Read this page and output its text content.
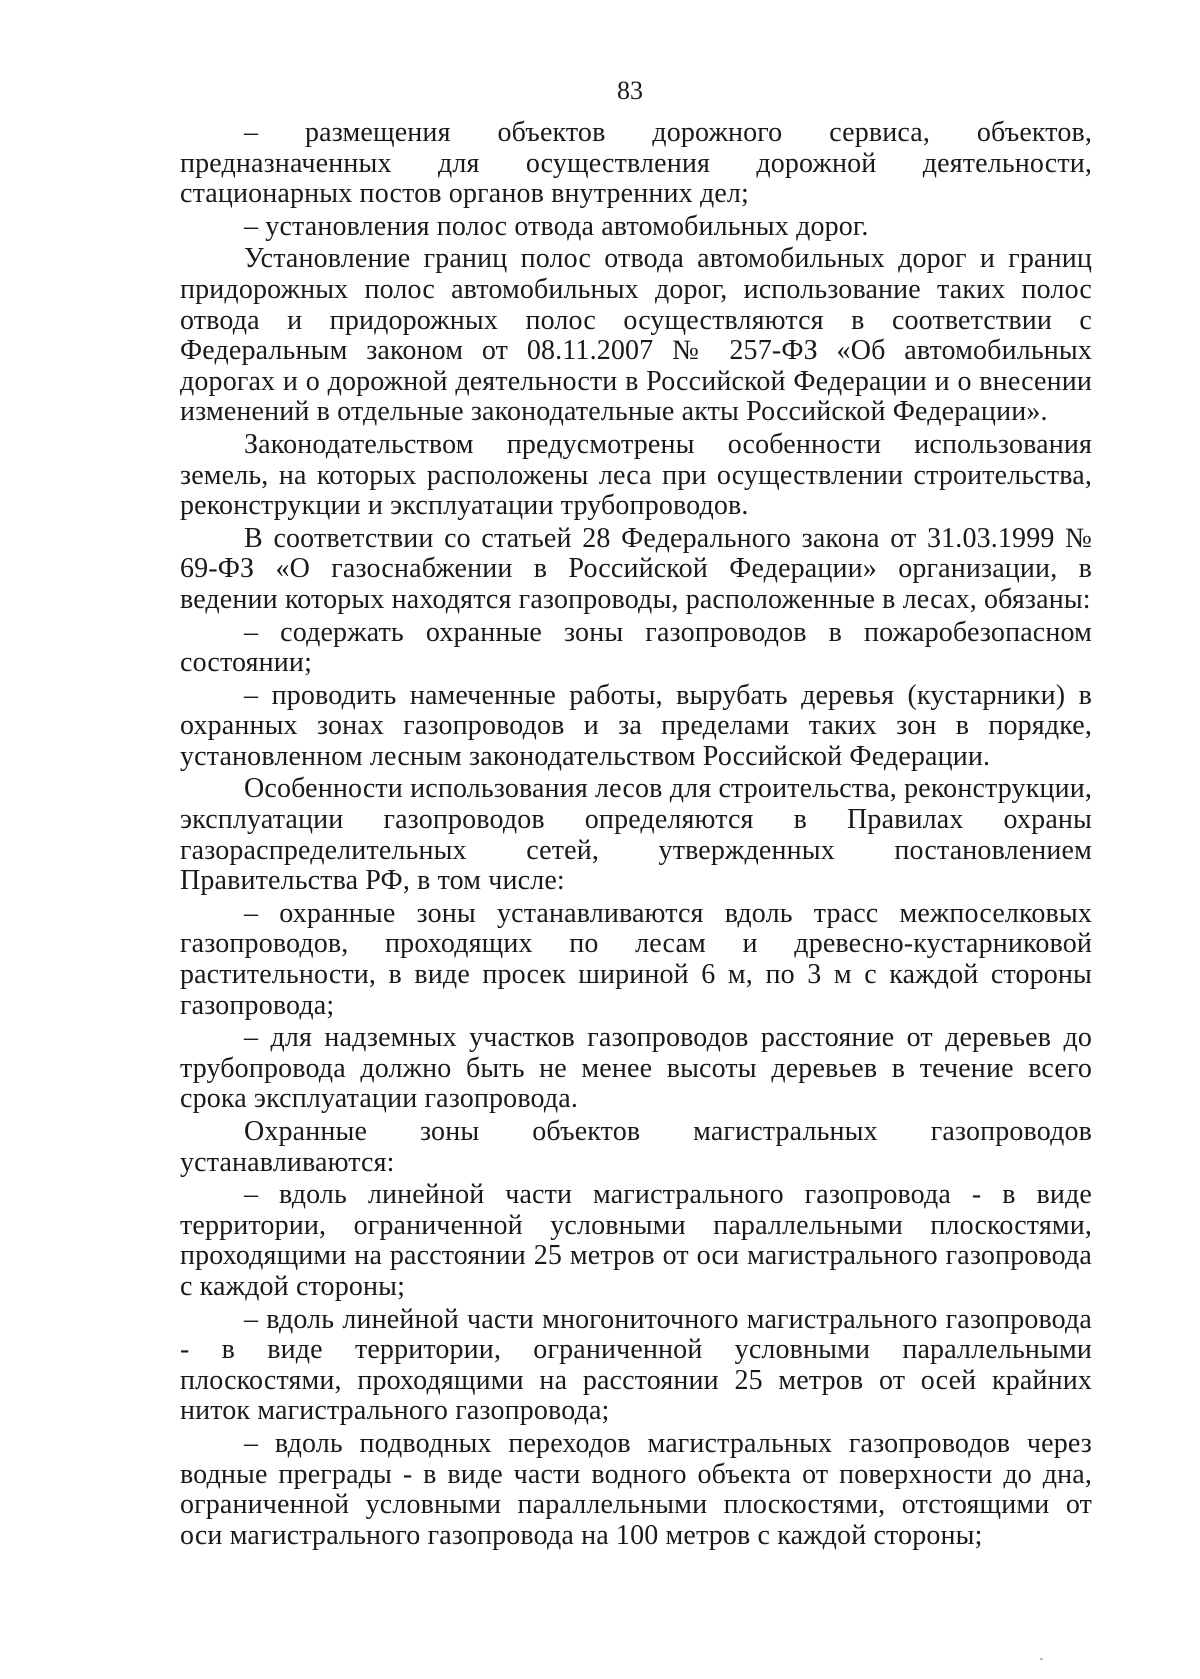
83

– размещения объектов дорожного сервиса, объектов, предназначенных для осуществления дорожной деятельности, стационарных постов органов внутренних дел;

– установления полос отвода автомобильных дорог.

Установление границ полос отвода автомобильных дорог и границ придорожных полос автомобильных дорог, использование таких полос отвода и придорожных полос осуществляются в соответствии с Федеральным законом от 08.11.2007 № 257-ФЗ «Об автомобильных дорогах и о дорожной деятельности в Российской Федерации и о внесении изменений в отдельные законодательные акты Российской Федерации».

Законодательством предусмотрены особенности использования земель, на которых расположены леса при осуществлении строительства, реконструкции и эксплуатации трубопроводов.

В соответствии со статьей 28 Федерального закона от 31.03.1999 № 69-ФЗ «О газоснабжении в Российской Федерации» организации, в ведении которых находятся газопроводы, расположенные в лесах, обязаны:

– содержать охранные зоны газопроводов в пожаробезопасном состоянии;

– проводить намеченные работы, вырубать деревья (кустарники) в охранных зонах газопроводов и за пределами таких зон в порядке, установленном лесным законодательством Российской Федерации.

Особенности использования лесов для строительства, реконструкции, эксплуатации газопроводов определяются в Правилах охраны газораспределительных сетей, утвержденных постановлением Правительства РФ, в том числе:

– охранные зоны устанавливаются вдоль трасс межпоселковых газопроводов, проходящих по лесам и древесно-кустарниковой растительности, в виде просек шириной 6 м, по 3 м с каждой стороны газопровода;

– для надземных участков газопроводов расстояние от деревьев до трубопровода должно быть не менее высоты деревьев в течение всего срока эксплуатации газопровода.

Охранные зоны объектов магистральных газопроводов устанавливаются:

– вдоль линейной части магистрального газопровода - в виде территории, ограниченной условными параллельными плоскостями, проходящими на расстоянии 25 метров от оси магистрального газопровода с каждой стороны;

– вдоль линейной части многониточного магистрального газопровода - в виде территории, ограниченной условными параллельными плоскостями, проходящими на расстоянии 25 метров от осей крайних ниток магистрального газопровода;

– вдоль подводных переходов магистральных газопроводов через водные преграды - в виде части водного объекта от поверхности до дна, ограниченной условными параллельными плоскостями, отстоящими от оси магистрального газопровода на 100 метров с каждой стороны;
